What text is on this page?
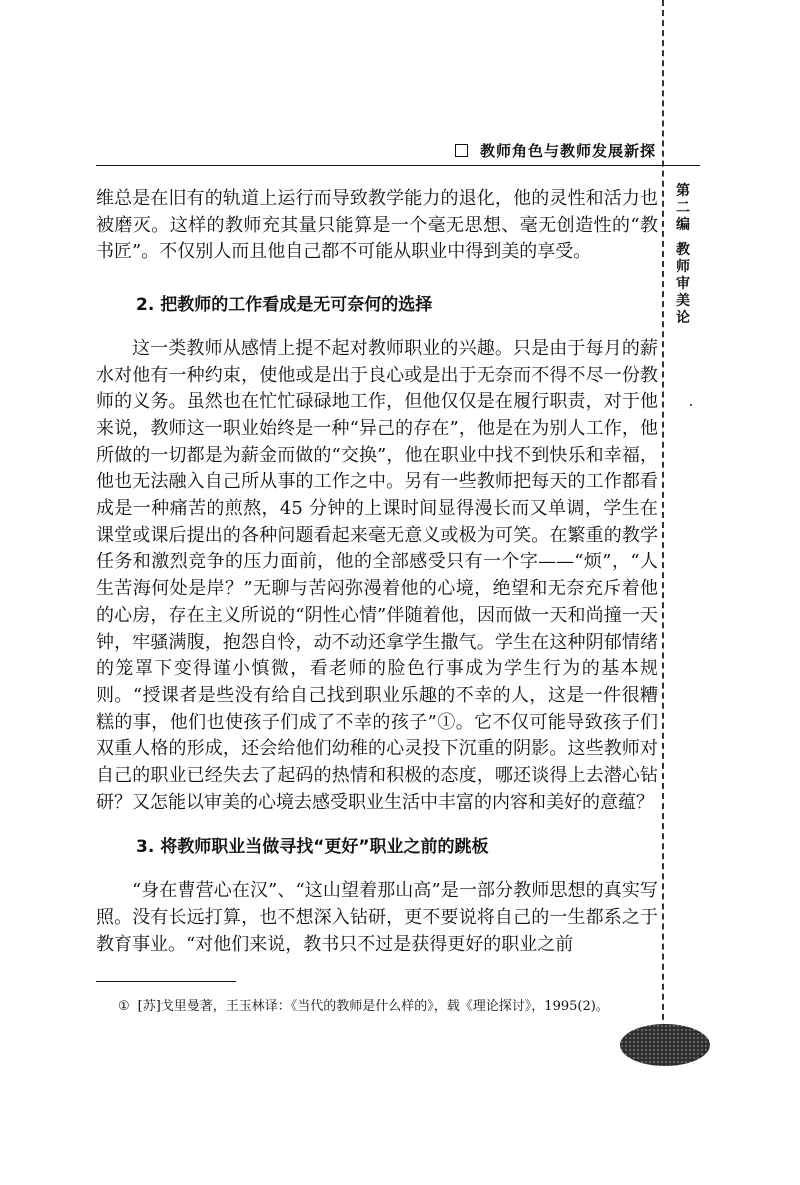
教师角色与教师发展新探
第二编
教师审美论

维总是在旧有的轨道上运行而导致教学能力的退化，他的灵性和活力也被磨灭。这样的教师充其量只能算是一个毫无思想、毫无创造性的“教书匠”。不仅别人而且他自己都不可能从职业中得到美的享受。

2. 把教师的工作看成是无可奈何的选择

这一类教师从感情上提不起对教师职业的兴趣。只是由于每月的薪水对他有一种约束，使他或是出于良心或是出于无奈而不得不尽一份教师的义务。虽然也在忙忙碌碌地工作，但他仅仅是在履行职责，对于他来说，教师这一职业始终是一种“异己的存在”，他是在为别人工作，他所做的一切都是为薪金而做的“交换”，他在职业中找不到快乐和幸福，他也无法融入自己所从事的工作之中。另有一些教师把每天的工作都看成是一种痛苦的煎熬，45 分钟的上课时间显得漫长而又单调，学生在课堂或课后提出的各种问题看起来毫无意义或极为可笑。在繁重的教学任务和激烈竞争的压力面前，他的全部感受只有一个字——“烦”，“人生苦海何处是岸？”无聊与苦闷弥漫着他的心境，绝望和无奈充斥着他的心房，存在主义所说的“阴性心情”伴随着他，因而做一天和尚撞一天钟，牢骚满腹，抱怨自怜，动不动还拿学生撒气。学生在这种阴郁情绪的笼罩下变得谨小慎微，看老师的脸色行事成为学生行为的基本规则。“授课者是些没有给自己找到职业乐趣的不幸的人，这是一件很糟糕的事，他们也使孩子们成了不幸的孩子”①。它不仅可能导致孩子们双重人格的形成，还会给他们幼稚的心灵投下沉重的阴影。这些教师对自己的职业已经失去了起码的热情和积极的态度，哪还谈得上去潜心钻研？又怎能以审美的心境去感受职业生活中丰富的内容和美好的意蕴？

3. 将教师职业当做寻找“更好”职业之前的跳板

“身在曹营心在汉”、“这山望着那山高”是一部分教师思想的真实写照。没有长远打算，也不想深入钻研，更不要说将自己的一生都系之于教育事业。“对他们来说，教书只不过是获得更好的职业之前

① [苏]戈里曼著，王玉林译：《当代的教师是什么样的》，载《理论探讨》，1995(2)。
